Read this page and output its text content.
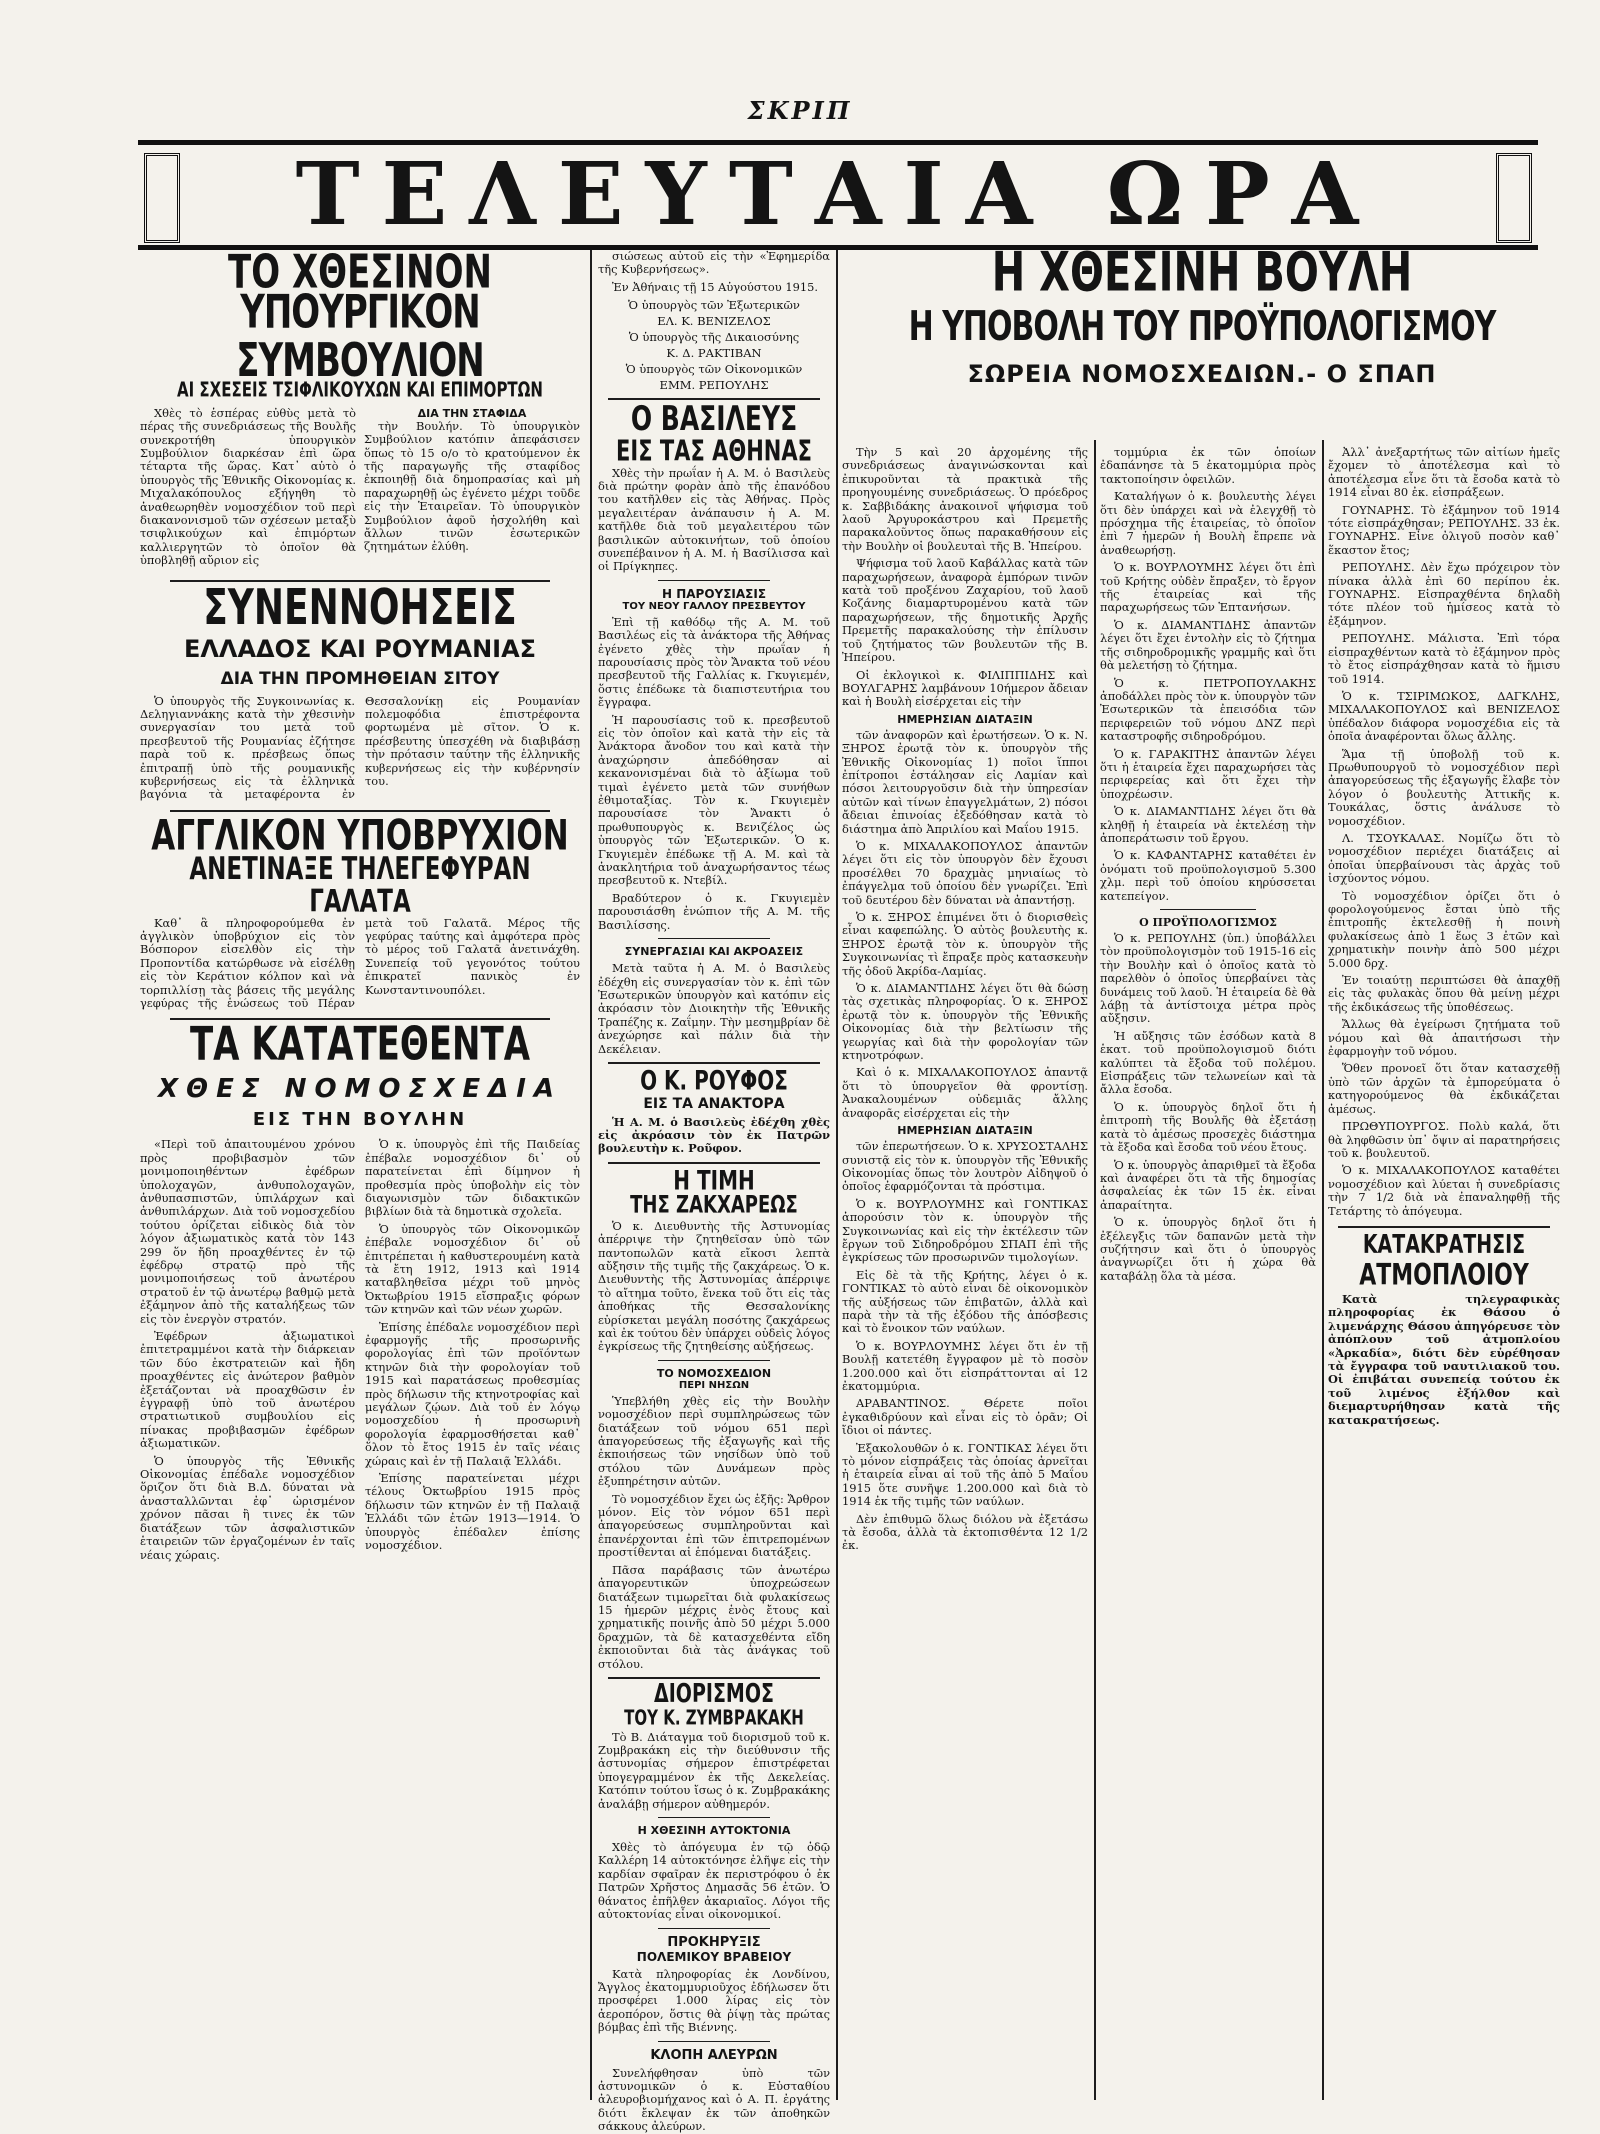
ΣΚΡΙΠ
ΤΕΛΕΥΤΑΙΑ ΩΡΑ
ΤΟ ΧΘΕΣΙΝΟΝ
ΥΠΟΥΡΓΙΚΟΝ ΣΥΜΒΟΥΛΙΟΝ
ΑΙ ΣΧΕΣΕΙΣ ΤΣΙΦΛΙΚΟΥΧΩΝ ΚΑΙ ΕΠΙΜΟΡΤΩΝ

Χθὲς τὸ ἑσπέρας εὐθὺς μετὰ τὸ πέρας τῆς συνεδριάσεως τῆς Βουλῆς συνεκροτήθη ὑπουργικὸν Συμβούλιον διαρκέσαν ἐπὶ ὥρα τέταρτα τῆς ὥρας. Κατ᾽ αὐτὸ ὁ ὑπουργὸς τῆς Ἐθνικῆς Οἰκονομίας κ. Μιχαλακόπουλος εξήγηθη τὸ ἀναθεωρηθὲν νομοσχέδιον τοῦ περὶ διακανονισμοῦ τῶν σχέσεων μεταξὺ τσιφλικούχων καὶ ἐπιμόρτων καλλιεργητῶν τὸ ὁποῖον θὰ ὑποβληθῇ αὔριον εἰς

ΔΙΑ ΤΗΝ ΣΤΑΦΙΔΑ

τὴν Βουλήν. Τὸ ὑπουργικὸν Συμβούλιον κατόπιν ἀπεφάσισεν ὅπως τὸ 15 ο/ο τὸ κρατούμενον ἐκ τῆς παραγωγῆς τῆς σταφίδος ἐκποιηθῇ διὰ δημοπρασίας καὶ μὴ παραχωρηθῇ ὡς ἐγένετο μέχρι τοῦδε εἰς τὴν Ἑταιρεῖαν. Τὸ ὑπουργικὸν Συμβούλιον ἀφοῦ ἠσχολήθη καὶ ἄλλων τινῶν ἐσωτερικῶν ζητημάτων ἐλύθη.

ΣΥΝΕΝΝΟΗΣΕΙΣ
ΕΛΛΑΔΟΣ ΚΑΙ ΡΟΥΜΑΝΙΑΣ
ΔΙΑ ΤΗΝ ΠΡΟΜΗΘΕΙΑΝ ΣΙΤΟΥ

Ὁ ὑπουργὸς τῆς Συγκοινωνίας κ. Δεληγιαννάκης κατὰ τὴν χθεσινὴν συνεργασίαν του μετὰ τοῦ πρεσβευτοῦ τῆς Ρουμανίας ἐζήτησε παρὰ τοῦ κ. πρέσβεως ὅπως ἐπιτραπῇ ὑπὸ τῆς ρουμανικῆς κυβερνήσεως εἰς τὰ ἑλληνικὰ βαγόνια τὰ μεταφέροντα ἐν Θεσσαλονίκῃ εἰς Ρουμανίαν πολεμοφόδια ἐπιστρέφοντα φορτωμένα μὲ σῖτον. Ὁ κ. πρέσβευτης ὑπεσχέθη νὰ διαβιβάσῃ τὴν πρότασιν ταύτην τῆς ἑλληνικῆς κυβερνήσεως εἰς τὴν κυβέρνησίν του.

ΑΓΓΛΙΚΟΝ ΥΠΟΒΡΥΧΙΟΝ
ΑΝΕΤΙΝΑΞΕ ΤΗΛΕΓΕΦΥΡΑΝ ΓΑΛΑΤΑ

Καθ᾽ ἃ πληροφορούμεθα ἐν ἀγγλικὸν ὑποβρύχιον εἰς τὸν Βόσπορον εἰσελθὸν εἰς τὴν Προποντίδα κατώρθωσε νὰ εἰσέλθῃ εἰς τὸν Κεράτιον κόλπον καὶ νὰ τορπιλλίσῃ τὰς βάσεις τῆς μεγάλης γεφύρας τῆς ἑνώσεως τοῦ Πέραν μετὰ τοῦ Γαλατᾶ. Μέρος τῆς γεφύρας ταύτης καὶ ἀμφότερα πρὸς τὸ μέρος τοῦ Γαλατᾶ ἀνετινάχθη. Συνεπείᾳ τοῦ γεγονότος τούτου ἐπικρατεῖ πανικὸς ἐν Κωνσταντινουπόλει.

ΤΑ ΚΑΤΑΤΕΘΕΝΤΑ
ΧΘΕΣ ΝΟΜΟΣΧΕΔΙΑ
ΕΙΣ ΤΗΝ ΒΟΥΛΗΝ

«Περὶ τοῦ ἀπαιτουμένου χρόνου πρὸς προβιβασμὸν τῶν μονιμοποιηθέντων ἐφέδρων ὑπολοχαγῶν, ἀνθυπολοχαγῶν, ἀνθυπασπιστῶν, ὑπιλάρχων καὶ ἀνθυπιλάρχων. Διὰ τοῦ νομοσχεδίου τούτου ὁρίζεται εἰδικὸς διὰ τὸν λόγον ἀξιωματικὸς κατὰ τὸν 143 299 ὅν ἤδη προαχθέντες ἐν τῷ ἐφέδρῳ στρατῷ πρὸ τῆς μονιμοποιήσεως τοῦ ἀνωτέρου στρατοῦ ἐν τῷ ἀνωτέρῳ βαθμῷ μετὰ ἐξάμηνον ἀπὸ τῆς καταλήξεως τῶν εἰς τὸν ἐνεργὸν στρατόν.

Ἐφέδρων ἀξιωματικοὶ ἐπιτετραμμένοι κατὰ τὴν διάρκειαν τῶν δύο ἐκστρατειῶν καὶ ἤδη προαχθέντες εἰς ἀνώτερον βαθμὸν ἐξετάζονται νὰ προαχθῶσιν ἐν ἐγγραφῇ ὑπὸ τοῦ ἀνωτέρου στρατιωτικοῦ συμβουλίου εἰς πίνακας προβιβασμῶν ἐφέδρων ἀξιωματικῶν.

Ὁ ὑπουργὸς τῆς Ἐθνικῆς Οἰκονομίας ἐπέδαλε νομοσχέδιον ὅριζον ὅτι διὰ Β.Δ. δύναται νὰ ἀνασταλλῶνται ἐφ᾽ ὡρισμένον χρόνον πᾶσαι ἢ τινες ἐκ τῶν διατάξεων τῶν ἀσφαλιστικῶν ἑταιρειῶν τῶν ἐργαζομένων ἐν ταῖς νέαις χώραις.

Ὁ κ. ὑπουργὸς ἐπὶ τῆς Παιδείας ἐπέβαλε νομοσχέδιον δι᾽ οὗ παρατείνεται ἐπὶ δίμηνον ἡ προθεσμία πρὸς ὑποβολὴν εἰς τὸν διαγωνισμὸν τῶν διδακτικῶν βιβλίων διὰ τὰ δημοτικὰ σχολεῖα.

Ὁ ὑπουργὸς τῶν Οἰκονομικῶν ἐπέβαλε νομοσχέδιον δι᾽ οὗ ἐπιτρέπεται ἡ καθυστερουμένη κατὰ τὰ ἔτη 1912, 1913 καὶ 1914 καταβληθεῖσα μέχρι τοῦ μηνὸς Ὀκτωβρίου 1915 εἴσπραξις φόρων τῶν κτηνῶν καὶ τῶν νέων χωρῶν.

Ἐπίσης ἐπέδαλε νομοσχέδιον περὶ ἐφαρμογῆς τῆς προσωρινῆς φορολογίας ἐπὶ τῶν προϊόντων κτηνῶν διὰ τὴν φορολογίαν τοῦ 1915 καὶ παρατάσεως προθεσμίας πρὸς δήλωσιν τῆς κτηνοτροφίας καὶ μεγάλων ζῴων. Διὰ τοῦ ἐν λόγῳ νομοσχεδίου ἡ προσωρινὴ φορολογία ἐφαρμοσθήσεται καθ᾽ ὅλον τὸ ἔτος 1915 ἐν ταῖς νέαις χώραις καὶ ἐν τῇ Παλαιᾷ Ἑλλάδι.

Ἐπίσης παρατείνεται μέχρι τέλους Ὀκτωβρίου 1915 πρὸς δήλωσιν τῶν κτηνῶν ἐν τῇ Παλαιᾷ Ἑλλάδι τῶν ἐτῶν 1913—1914. Ὁ ὑπουργὸς ἐπέδαλεν ἐπίσης νομοσχέδιον.

σιώσεως αὐτοῦ εἰς τὴν «Ἐφημερίδα τῆς Κυβερνήσεως».

Ἐν Ἀθήναις τῇ 15 Αὐγούστου 1915.

Ὁ ὑπουργὸς τῶν Ἐξωτερικῶν
ΕΛ. Κ. ΒΕΝΙΖΕΛΟΣ
Ὁ ὑπουργὸς τῆς Δικαιοσύνης
Κ. Δ. ΡΑΚΤΙΒΑΝ
Ὁ ὑπουργὸς τῶν Οἰκονομικῶν
ΕΜΜ. ΡΕΠΟΥΛΗΣ
Ο ΒΑΣΙΛΕΥΣ
ΕΙΣ ΤΑΣ ΑΘΗΝΑΣ

Χθὲς τὴν πρωΐαν ἡ Α. Μ. ὁ Βασιλεὺς διὰ πρώτην φορὰν ἀπὸ τῆς ἐπανόδου του κατῆλθεν εἰς τὰς Ἀθήνας. Πρὸς μεγαλειτέραν ἀνάπαυσιν ἡ Α. Μ. κατῆλθε διὰ τοῦ μεγαλειτέρου τῶν βασιλικῶν αὐτοκινήτων, τοῦ ὁποίου συνεπέβαινον ἡ Α. Μ. ἡ Βασίλισσα καὶ οἱ Πρίγκηπες.

Η ΠΑΡΟΥΣΙΑΣΙΣ
ΤΟΥ ΝΕΟΥ ΓΑΛΛΟΥ ΠΡΕΣΒΕΥΤΟΥ

Ἐπὶ τῇ καθόδῳ τῆς Α. Μ. τοῦ Βασιλέως εἰς τὰ ἀνάκτορα τῆς Ἀθήνας ἐγένετο χθὲς τὴν πρωΐαν ἡ παρουσίασις πρὸς τὸν Ἄνακτα τοῦ νέου πρεσβευτοῦ τῆς Γαλλίας κ. Γκυγιεμέν, ὅστις ἐπέδωκε τὰ διαπιστευτήρια του ἔγγραφα.

Ἡ παρουσίασις τοῦ κ. πρεσβευτοῦ εἰς τὸν ὁποῖον καὶ κατὰ τὴν εἰς τὰ Ἀνάκτορα ἄνοδον του καὶ κατὰ τὴν ἀναχώρησιν ἀπεδόθησαν αἱ κεκανονισμέναι διὰ τὸ ἀξίωμα τοῦ τιμαὶ ἐγένετο μετὰ τῶν συνήθων ἐθιμοταξίας. Τὸν κ. Γκυγιεμὲν παρουσίασε τὸν Ἄνακτι ὁ πρωθυπουργὸς κ. Βενιζέλος ὡς ὑπουργὸς τῶν Ἐξωτερικῶν. Ὁ κ. Γκυγιεμὲν ἐπέδωκε τῇ Α. Μ. καὶ τὰ ἀνακλητήρια τοῦ ἀναχωρήσαντος τέως πρεσβευτοῦ κ. Ντεβίλ.

Βραδύτερον ὁ κ. Γκυγιεμὲν παρουσιάσθη ἐνώπιον τῆς Α. Μ. τῆς Βασιλίσσης.

ΣΥΝΕΡΓΑΣΙΑΙ ΚΑΙ ΑΚΡΟΑΣΕΙΣ

Μετὰ ταῦτα ἡ Α. Μ. ὁ Βασιλεὺς ἐδέχθη εἰς συνεργασίαν τὸν κ. ἐπὶ τῶν Ἐσωτερικῶν ὑπουργὸν καὶ κατόπιν εἰς ἀκρόασιν τὸν Διοικητὴν τῆς Ἐθνικῆς Τραπέζης κ. Ζαΐμην. Τὴν μεσημβρίαν δὲ ἀνεχώρησε καὶ πάλιν διὰ τὴν Δεκέλειαν.

Ο Κ. ΡΟΥΦΟΣ
ΕΙΣ ΤΑ ΑΝΑΚΤΟΡΑ

Ἡ Α. Μ. ὁ Βασιλεὺς ἐδέχθη χθὲς εἰς ἀκρόασιν τὸν ἐκ Πατρῶν βουλευτὴν κ. Ροῦφον.

Η ΤΙΜΗ
ΤΗΣ ΖΑΚΧΑΡΕΩΣ

Ὁ κ. Διευθυντὴς τῆς Ἀστυνομίας ἀπέρριψε τὴν ζητηθεῖσαν ὑπὸ τῶν παντοπωλῶν κατὰ εἴκοσι λεπτὰ αὔξησιν τῆς τιμῆς τῆς ζακχάρεως. Ὁ κ. Διευθυντὴς τῆς Ἀστυνομίας ἀπέρριψε τὸ αἴτημα τοῦτο, ἕνεκα τοῦ ὅτι εἰς τὰς ἀποθήκας τῆς Θεσσαλονίκης εὑρίσκεται μεγάλη ποσότης ζακχάρεως καὶ ἐκ τούτου δὲν ὑπάρχει οὐδεὶς λόγος ἐγκρίσεως τῆς ζητηθείσης αὐξήσεως.

ΤΟ ΝΟΜΟΣΧΕΔΙΟΝ
ΠΕΡΙ ΝΗΣΩΝ

Ὑπεβλήθη χθὲς εἰς τὴν Βουλὴν νομοσχέδιον περὶ συμπληρώσεως τῶν διατάξεων τοῦ νόμου 651 περὶ ἀπαγορεύσεως τῆς ἐξαγωγῆς καὶ τῆς ἐκποιήσεως τῶν νησίδων ὑπὸ τοῦ στόλου τῶν Δυνάμεων πρὸς ἐξυπηρέτησιν αὐτῶν.

Τὸ νομοσχέδιον ἔχει ὡς ἑξῆς: Ἄρθρον μόνον. Εἰς τὸν νόμον 651 περὶ ἀπαγορεύσεως συμπληροῦνται καὶ ἐπανέρχονται ἐπὶ τῶν ἐπιτρεπομένων προστίθενται αἱ ἑπόμεναι διατάξεις.

Πᾶσα παράβασις τῶν ἀνωτέρω ἀπαγορευτικῶν ὑποχρεώσεων διατάξεων τιμωρεῖται διὰ φυλακίσεως 15 ἡμερῶν μέχρις ἑνὸς ἔτους καὶ χρηματικῆς ποινῆς ἀπὸ 50 μέχρι 5.000 δραχμῶν, τὰ δὲ κατασχεθέντα εἴδη ἐκποιοῦνται διὰ τὰς ἀνάγκας τοῦ στόλου.

ΔΙΟΡΙΣΜΟΣ
ΤΟΥ Κ. ΖΥΜΒΡΑΚΑΚΗ

Τὸ Β. Διάταγμα τοῦ διορισμοῦ τοῦ κ. Ζυμβρακάκη εἰς τὴν διεύθυνσιν τῆς ἀστυνομίας σήμερον ἐπιστρέφεται ὑπογεγραμμένον ἐκ τῆς Δεκελείας. Κατόπιν τούτου ἴσως ὁ κ. Ζυμβρακάκης ἀναλάβῃ σήμερον αὐθημερόν.

Η ΧΘΕΣΙΝΗ ΑΥΤΟΚΤΟΝΙΑ

Χθὲς τὸ ἀπόγευμα ἐν τῷ ὁδῷ Καλλέρη 14 αὐτοκτόνησε ἐλῆψε εἰς τὴν καρδίαν σφαῖραν ἐκ περιστρόφου ὁ ἐκ Πατρῶν Χρῆστος Δημασᾶς 56 ἐτῶν. Ὁ θάνατος ἐπῆλθεν ἀκαριαῖος. Λόγοι τῆς αὐτοκτονίας εἶναι οἰκονομικοί.

ΠΡΟΚΗΡΥΞΙΣ
ΠΟΛΕΜΙΚΟΥ ΒΡΑΒΕΙΟΥ

Κατὰ πληροφορίας ἐκ Λονδίνου, Ἄγγλος ἐκατομμυριοῦχος ἐδήλωσεν ὅτι προσφέρει 1.000 λίρας εἰς τὸν ἀεροπόρον, ὅστις θὰ ῥίψῃ τὰς πρώτας βόμβας ἐπὶ τῆς Βιέννης.

ΚΛΟΠΗ ΑΛΕΥΡΩΝ

Συνελήφθησαν ὑπὸ τῶν ἀστυνομικῶν ὁ κ. Εὐσταθίου ἀλευροβιομήχανος καὶ ὁ Α. Π. ἐργάτης διότι ἔκλεψαν ἐκ τῶν ἀποθηκῶν σάκκους ἀλεύρων.

Η ΧΘΕΣΙΝΗ ΒΟΥΛΗ
Η ΥΠΟΒΟΛΗ ΤΟΥ ΠΡΟΫΠΟΛΟΓΙΣΜΟΥ
ΣΩΡΕΙΑ ΝΟΜΟΣΧΕΔΙΩΝ.- Ο ΣΠΑΠ

Τὴν 5 καὶ 20 ἀρχομένης τῆς συνεδριάσεως ἀναγινώσκονται καὶ ἐπικυροῦνται τὰ πρακτικὰ τῆς προηγουμένης συνεδριάσεως. Ὁ πρόεδρος κ. Σαββιδάκης ἀνακοινοῖ ψήφισμα τοῦ λαοῦ Ἀργυροκάστρου καὶ Πρεμετῆς παρακαλοῦντος ὅπως παρακαθήσουν εἰς τὴν Βουλὴν οἱ βουλευταὶ τῆς Β. Ἠπείρου.

Ψήφισμα τοῦ λαοῦ Καβάλλας κατὰ τῶν παραχωρήσεων, ἀναφορὰ ἐμπόρων τινῶν κατὰ τοῦ προξένου Ζαχαρίου, τοῦ λαοῦ Κοζάνης διαμαρτυρομένου κατὰ τῶν παραχωρήσεων, τῆς δημοτικῆς Ἀρχῆς Πρεμετῆς παρακαλούσης τὴν ἐπίλυσιν τοῦ ζητήματος τῶν βουλευτῶν τῆς Β. Ἠπείρου.

Οἱ ἐκλογικοὶ κ. ΦΙΛΙΠΠΙΔΗΣ καὶ ΒΟΥΛΓΑΡΗΣ λαμβάνουν 10ήμερον ἄδειαν καὶ ἡ Βουλὴ εἰσέρχεται εἰς τὴν

ΗΜΕΡΗΣΙΑΝ ΔΙΑΤΑΞΙΝ

τῶν ἀναφορῶν καὶ ἐρωτήσεων. Ὁ κ. Ν. ΞΗΡΟΣ ἐρωτᾷ τὸν κ. ὑπουργὸν τῆς Ἐθνικῆς Οἰκονομίας 1) ποῖοι ἵπποι ἐπίτροποι ἐστάλησαν εἰς Λαμίαν καὶ πόσοι λειτουργοῦσιν διὰ τὴν ὑπηρεσίαν αὐτῶν καὶ τίνων ἐπαγγελμάτων, 2) πόσοι ἄδειαι ἐπινοίας ἐξεδόθησαν κατὰ τὸ διάστημα ἀπὸ Ἀπριλίου καὶ Μαΐου 1915.

Ὁ κ. ΜΙΧΑΛΑΚΟΠΟΥΛΟΣ ἀπαντῶν λέγει ὅτι εἰς τὸν ὑπουργὸν δὲν ἔχουσι προσέλθει 70 δραχμὰς μηνιαίως τὸ ἐπάγγελμα τοῦ ὁποίου δὲν γνωρίζει. Ἐπὶ τοῦ δευτέρου δὲν δύναται νὰ ἀπαντήσῃ.

Ὁ κ. ΞΗΡΟΣ ἐπιμένει ὅτι ὁ διορισθεὶς εἶναι καφεπώλης. Ὁ αὐτὸς βουλευτὴς κ. ΞΗΡΟΣ ἐρωτᾷ τὸν κ. ὑπουργὸν τῆς Συγκοινωνίας τὶ ἔπραξε πρὸς κατασκευὴν τῆς ὁδοῦ Ἀκρίδα-Λαμίας.

Ὁ κ. ΔΙΑΜΑΝΤΙΔΗΣ λέγει ὅτι θὰ δώσῃ τὰς σχετικὰς πληροφορίας. Ὁ κ. ΞΗΡΟΣ ἐρωτᾷ τὸν κ. ὑπουργὸν τῆς Ἐθνικῆς Οἰκονομίας διὰ τὴν βελτίωσιν τῆς γεωργίας καὶ διὰ τὴν φορολογίαν τῶν κτηνοτρόφων.

Καὶ ὁ κ. ΜΙΧΑΛΑΚΟΠΟΥΛΟΣ ἀπαντᾷ ὅτι τὸ ὑπουργεῖον θὰ φροντίσῃ. Ἀνακαλουμένων οὐδεμιᾶς ἄλλης ἀναφορᾶς εἰσέρχεται εἰς τὴν

ΗΜΕΡΗΣΙΑΝ ΔΙΑΤΑΞΙΝ

τῶν ἐπερωτήσεων. Ὁ κ. ΧΡΥΣΟΣΤΑΛΗΣ συνιστᾷ εἰς τὸν κ. ὑπουργὸν τῆς Ἐθνικῆς Οἰκονομίας ὅπως τὸν λουτρὸν Αἰδηψοῦ ὁ ὁποῖος ἐφαρμόζονται τὰ πρόστιμα.

Ὁ κ. ΒΟΥΡΛΟΥΜΗΣ καὶ ΓΟΝΤΙΚΑΣ ἀπορούσιν τὸν κ. ὑπουργὸν τῆς Συγκοινωνίας καὶ εἰς τὴν ἐκτέλεσιν τῶν ἔργων τοῦ Σιδηροδρόμου ΣΠΑΠ ἐπὶ τῆς ἐγκρίσεως τῶν προσωρινῶν τιμολογίων.

Εἰς δὲ τὰ τῆς Κρήτης, λέγει ὁ κ. ΓΟΝΤΙΚΑΣ τὸ αὐτὸ εἶναι δὲ οἰκονομικὸν τῆς αὐξήσεως τῶν ἐπιβατῶν, ἀλλὰ καὶ παρὰ τὴν τὰ τῆς ἐξόδου τῆς ἀπόσβεσις καὶ τὸ ἔνοικον τῶν ναύλων.

Ὁ κ. ΒΟΥΡΛΟΥΜΗΣ λέγει ὅτι ἐν τῇ Βουλῇ κατετέθη ἔγγραφον μὲ τὸ ποσὸν 1.200.000 καὶ ὅτι εἰσπράττονται αἱ 12 ἐκατομμύρια.

ΑΡΑΒΑΝΤΙΝΟΣ. Θέρετε ποῖοι ἐγκαθιδρύουν καὶ εἶναι εἰς τὸ ὁρᾶν; Οἱ ἴδιοι οἱ πάντες.

Ἐξακολουθῶν ὁ κ. ΓΟΝΤΙΚΑΣ λέγει ὅτι τὸ μόνον εἰσπράξεις τὰς ὁποίας ἀρνεῖται ἡ ἑταιρεία εἶναι αἱ τοῦ τῆς ἀπὸ 5 Μαΐου 1915 ὅτε συνῆψε 1.200.000 καὶ διὰ τὸ 1914 ἐκ τῆς τιμῆς τῶν ναύλων.

Δὲν ἐπιθυμῶ ὅλως διόλου νὰ ἐξετάσω τὰ ἔσοδα, ἀλλὰ τὰ ἐκτοπισθέντα 12 1/2 ἐκ.

τομμύρια ἐκ τῶν ὁποίων ἐδαπάνησε τὰ 5 ἐκατομμύρια πρὸς τακτοποίησιν ὀφειλῶν.

Καταλήγων ὁ κ. βουλευτὴς λέγει ὅτι δὲν ὑπάρχει καὶ νὰ ἐλεγχθῇ τὸ πρόσχημα τῆς ἑταιρείας, τὸ ὁποῖον ἐπὶ 7 ἡμερῶν ἡ Βουλὴ ἔπρεπε νὰ ἀναθεωρήσῃ.

Ὁ κ. ΒΟΥΡΛΟΥΜΗΣ λέγει ὅτι ἐπὶ τοῦ Κρήτης οὐδὲν ἔπραξεν, τὸ ἔργον τῆς ἑταιρείας καὶ τῆς παραχωρήσεως τῶν Ἑπτανήσων.

Ὁ κ. ΔΙΑΜΑΝΤΙΔΗΣ ἀπαντῶν λέγει ὅτι ἔχει ἐντολὴν εἰς τὸ ζήτημα τῆς σιδηροδρομικῆς γραμμῆς καὶ ὅτι θὰ μελετήσῃ τὸ ζήτημα.

Ὁ κ. ΠΕΤΡΟΠΟΥΛΑΚΗΣ ἀποδάλλει πρὸς τὸν κ. ὑπουργὸν τῶν Ἐσωτερικῶν τὰ ἐπεισόδια τῶν περιφερειῶν τοῦ νόμου ΔΝΖ περὶ καταστροφῆς σιδηροδρόμου.

Ὁ κ. ΓΑΡΑΚΙΤΗΣ ἀπαντῶν λέγει ὅτι ἡ ἑταιρεία ἔχει παραχωρήσει τὰς περιφερείας καὶ ὅτι ἔχει τὴν ὑποχρέωσιν.

Ὁ κ. ΔΙΑΜΑΝΤΙΔΗΣ λέγει ὅτι θὰ κληθῇ ἡ ἑταιρεία νὰ ἐκτελέσῃ τὴν ἀποπεράτωσιν τοῦ ἔργου.

Ὁ κ. ΚΑΦΑΝΤΑΡΗΣ καταθέτει ἐν ὀνόματι τοῦ προϋπολογισμοῦ 5.300 χλμ. περὶ τοῦ ὁποίου κηρύσσεται κατεπείγον.

Ο ΠΡΟΫΠΟΛΟΓΙΣΜΟΣ

Ὁ κ. ΡΕΠΟΥΛΗΣ (ὑπ.) ὑποβάλλει τὸν προϋπολογισμὸν τοῦ 1915-16 εἰς τὴν Βουλὴν καὶ ὁ ὁποῖος κατὰ τὸ παρελθὸν ὁ ὁποῖος ὑπερβαίνει τὰς δυνάμεις τοῦ λαοῦ. Ἡ ἑταιρεία δὲ θὰ λάβῃ τὰ ἀντίστοιχα μέτρα πρὸς αὔξησιν.

Ἡ αὔξησις τῶν ἐσόδων κατὰ 8 ἑκατ. τοῦ προϋπολογισμοῦ διότι καλύπτει τὰ ἔξοδα τοῦ πολέμου. Εἰσπράξεις τῶν τελωνείων καὶ τὰ ἄλλα ἔσοδα.

Ὁ κ. ὑπουργὸς δηλοῖ ὅτι ἡ ἐπιτροπὴ τῆς Βουλῆς θὰ ἐξετάσῃ κατὰ τὸ ἀμέσως προσεχὲς διάστημα τὰ ἔξοδα καὶ ἔσοδα τοῦ νέου ἔτους.

Ὁ κ. ὑπουργὸς ἀπαριθμεῖ τὰ ἔξοδα καὶ ἀναφέρει ὅτι τὰ τῆς δημοσίας ἀσφαλείας ἐκ τῶν 15 ἐκ. εἶναι ἀπαραίτητα.

Ὁ κ. ὑπουργὸς δηλοῖ ὅτι ἡ ἐξέλεγξις τῶν δαπανῶν μετὰ τὴν συζήτησιν καὶ ὅτι ὁ ὑπουργὸς ἀναγνωρίζει ὅτι ἡ χώρα θὰ καταβάλῃ ὅλα τὰ μέσα.

Ἀλλ᾽ ἀνεξαρτήτως τῶν αἰτίων ἡμεῖς ἔχομεν τὸ ἀποτέλεσμα καὶ τὸ ἀποτέλεσμα εἶνε ὅτι τὰ ἔσοδα κατὰ τὸ 1914 εἶναι 80 ἐκ. εἰσπράξεων.

ΓΟΥΝΑΡΗΣ. Τὸ ἐξάμηνον τοῦ 1914 τότε εἰσπράχθησαν; ΡΕΠΟΥΛΗΣ. 33 ἐκ. ΓΟΥΝΑΡΗΣ. Εἶνε ὀλιγοῦ ποσὸν καθ᾽ ἕκαστον ἔτος;

ΡΕΠΟΥΛΗΣ. Δὲν ἔχω πρόχειρον τὸν πίνακα ἀλλὰ ἐπὶ 60 περίπου ἐκ. ΓΟΥΝΑΡΗΣ. Εἰσπραχθέντα δηλαδὴ τότε πλέον τοῦ ἡμίσεος κατὰ τὸ ἐξάμηνον.

ΡΕΠΟΥΛΗΣ. Μάλιστα. Ἐπὶ τόρα εἰσπραχθέντων κατὰ τὸ ἐξάμηνον πρὸς τὸ ἔτος εἰσπράχθησαν κατὰ τὸ ἥμισυ τοῦ 1914.

Ὁ κ. ΤΣΙΡΙΜΩΚΟΣ, ΔΑΓΚΛΗΣ, ΜΙΧΑΛΑΚΟΠΟΥΛΟΣ καὶ ΒΕΝΙΖΕΛΟΣ ὑπέδαλον διάφορα νομοσχέδια εἰς τὰ ὁποῖα ἀναφέρονται ὅλως ἄλλης.

Ἅμα τῇ ὑποβολῇ τοῦ κ. Πρωθυπουργοῦ τὸ νομοσχέδιον περὶ ἀπαγορεύσεως τῆς ἐξαγωγῆς ἔλαβε τὸν λόγον ὁ βουλευτὴς Ἀττικῆς κ. Τουκάλας, ὅστις ἀνάλυσε τὸ νομοσχέδιον.

Λ. ΤΣΟΥΚΑΛΑΣ. Νομίζω ὅτι τὸ νομοσχέδιον περιέχει διατάξεις αἱ ὁποῖαι ὑπερβαίνουσι τὰς ἀρχὰς τοῦ ἰσχύοντος νόμου.

Τὸ νομοσχέδιον ὁρίζει ὅτι ὁ φορολογούμενος ἔσται ὑπὸ τῆς ἐπιτροπῆς ἐκτελεσθῇ ἡ ποινὴ φυλακίσεως ἀπὸ 1 ἕως 3 ἐτῶν καὶ χρηματικὴν ποινὴν ἀπὸ 500 μέχρι 5.000 δρχ.

Ἐν τοιαύτῃ περιπτώσει θὰ ἀπαχθῇ εἰς τὰς φυλακὰς ὅπου θὰ μείνῃ μέχρι τῆς ἐκδικάσεως τῆς ὑποθέσεως.

Ἄλλως θὰ ἐγείρωσι ζητήματα τοῦ νόμου καὶ θὰ ἀπαιτήσωσι τὴν ἐφαρμογὴν τοῦ νόμου.

Ὅθεν προνοεῖ ὅτι ὅταν κατασχεθῇ ὑπὸ τῶν ἀρχῶν τὰ ἐμπορεύματα ὁ κατηγορούμενος θὰ ἐκδικάζεται ἀμέσως.

ΠΡΩΘΥΠΟΥΡΓΟΣ. Πολὺ καλά, ὅτι θὰ ληφθῶσιν ὑπ᾽ ὄψιν αἱ παρατηρήσεις τοῦ κ. βουλευτοῦ.

Ὁ κ. ΜΙΧΑΛΑΚΟΠΟΥΛΟΣ καταθέτει νομοσχέδιον καὶ λύεται ἡ συνεδρίασις τὴν 7 1/2 διὰ νὰ ἐπαναληφθῇ τῆς Τετάρτης τὸ ἀπόγευμα.

ΚΑΤΑΚΡΑΤΗΣΙΣ
ΑΤΜΟΠΛΟΙΟΥ

Κατὰ τηλεγραφικὰς πληροφορίας ἐκ Θάσου ὁ λιμενάρχης Θάσου ἀπηγόρευσε τὸν ἀπόπλουν τοῦ ἀτμοπλοίου «Ἀρκαδία», διότι δὲν εὑρέθησαν τὰ ἔγγραφα τοῦ ναυτιλιακοῦ του. Οἱ ἐπιβάται συνεπείᾳ τούτου ἐκ τοῦ λιμένος ἐξήλθον καὶ διεμαρτυρήθησαν κατὰ τῆς κατακρατήσεως.
